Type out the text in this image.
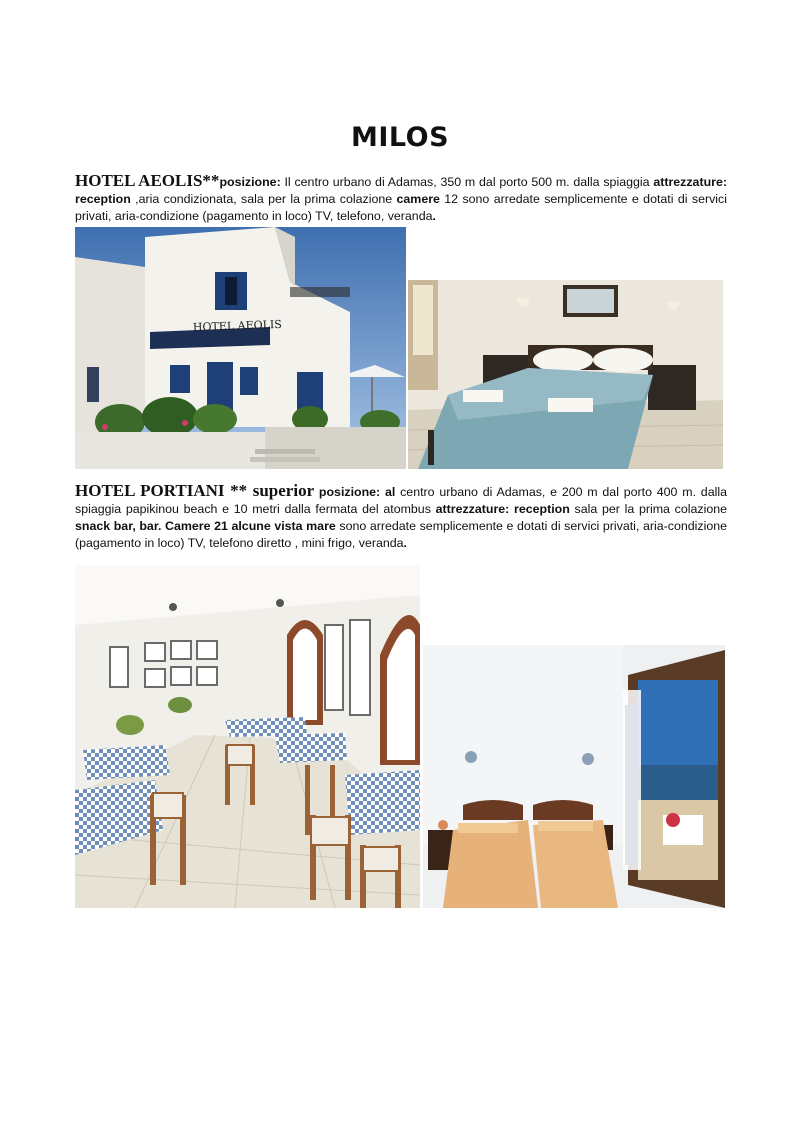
MILOS
HOTEL AEOLIS**posizione: Il centro urbano di Adamas, 350 m dal porto 500 m. dalla spiaggia attrezzature: reception ,aria condizionata, sala per la prima colazione camere 12 sono arredate semplicemente e dotati di servici privati, aria-condizione (pagamento in loco) TV, telefono, veranda.
HOTEL AEOLIS
HOTEL PORTIANI ** superior posizione: al centro urbano di Adamas, e 200 m dal porto 400 m. dalla spiaggia papikinou beach e 10 metri dalla fermata del atombus attrezzature: reception sala per la prima colazione snack bar, bar. Camere 21 alcune vista mare sono arredate semplicemente e dotati di servici privati, aria-condizione (pagamento in loco) TV, telefono diretto , mini frigo, veranda.
